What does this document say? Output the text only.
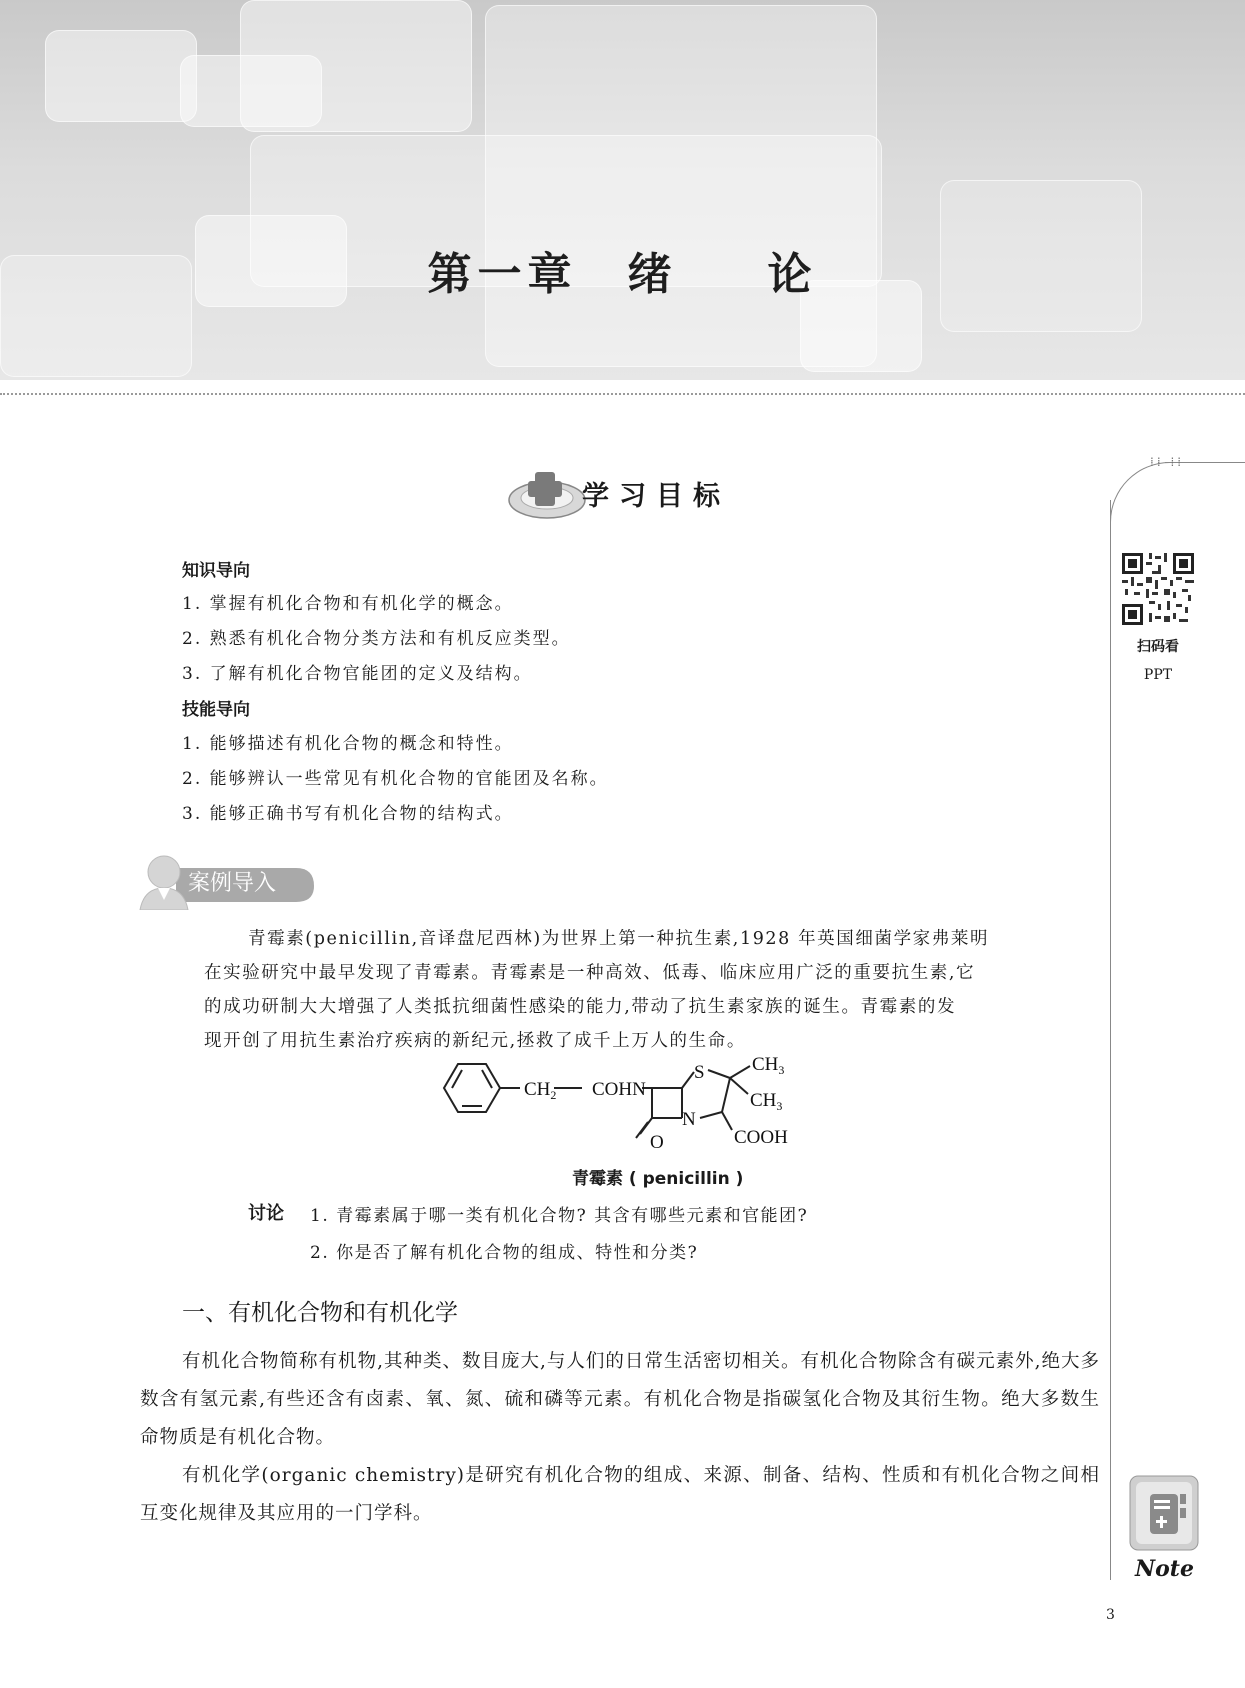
第一章 绪 论
⁞⁞ ⁞⁞
扫码看
PPT
学习目标
知识导向
1. 掌握有机化合物和有机化学的概念。
2. 熟悉有机化合物分类方法和有机反应类型。
3. 了解有机化合物官能团的定义及结构。
技能导向
1. 能够描述有机化合物的概念和特性。
2. 能够辨认一些常见有机化合物的官能团及名称。
3. 能够正确书写有机化合物的结构式。
案例导入
青霉素(penicillin,音译盘尼西林)为世界上第一种抗生素,1928 年英国细菌学家弗莱明
在实验研究中最早发现了青霉素。青霉素是一种高效、低毒、临床应用广泛的重要抗生素,它
的成功研制大大增强了人类抵抗细菌性感染的能力,带动了抗生素家族的诞生。青霉素的发
现开创了用抗生素治疗疾病的新纪元,拯救了成千上万人的生命。
$CH_2$ COHN
S
N
O
$CH_3$
$CH_3$
COOH
青霉素 ( penicillin )
讨论 1. 青霉素属于哪一类有机化合物? 其含有哪些元素和官能团?
2. 你是否了解有机化合物的组成、特性和分类?
一、有机化合物和有机化学

有机化合物简称有机物,其种类、数目庞大,与人们的日常生活密切相关。有机化合物除含有碳元素外,绝大多数含有氢元素,有些还含有卤素、氧、氮、硫和磷等元素。有机化合物是指碳氢化合物及其衍生物。绝大多数生命物质是有机化合物。

有机化学(organic chemistry)是研究有机化合物的组成、来源、制备、结构、性质和有机化合物之间相互变化规律及其应用的一门学科。

Note
3
